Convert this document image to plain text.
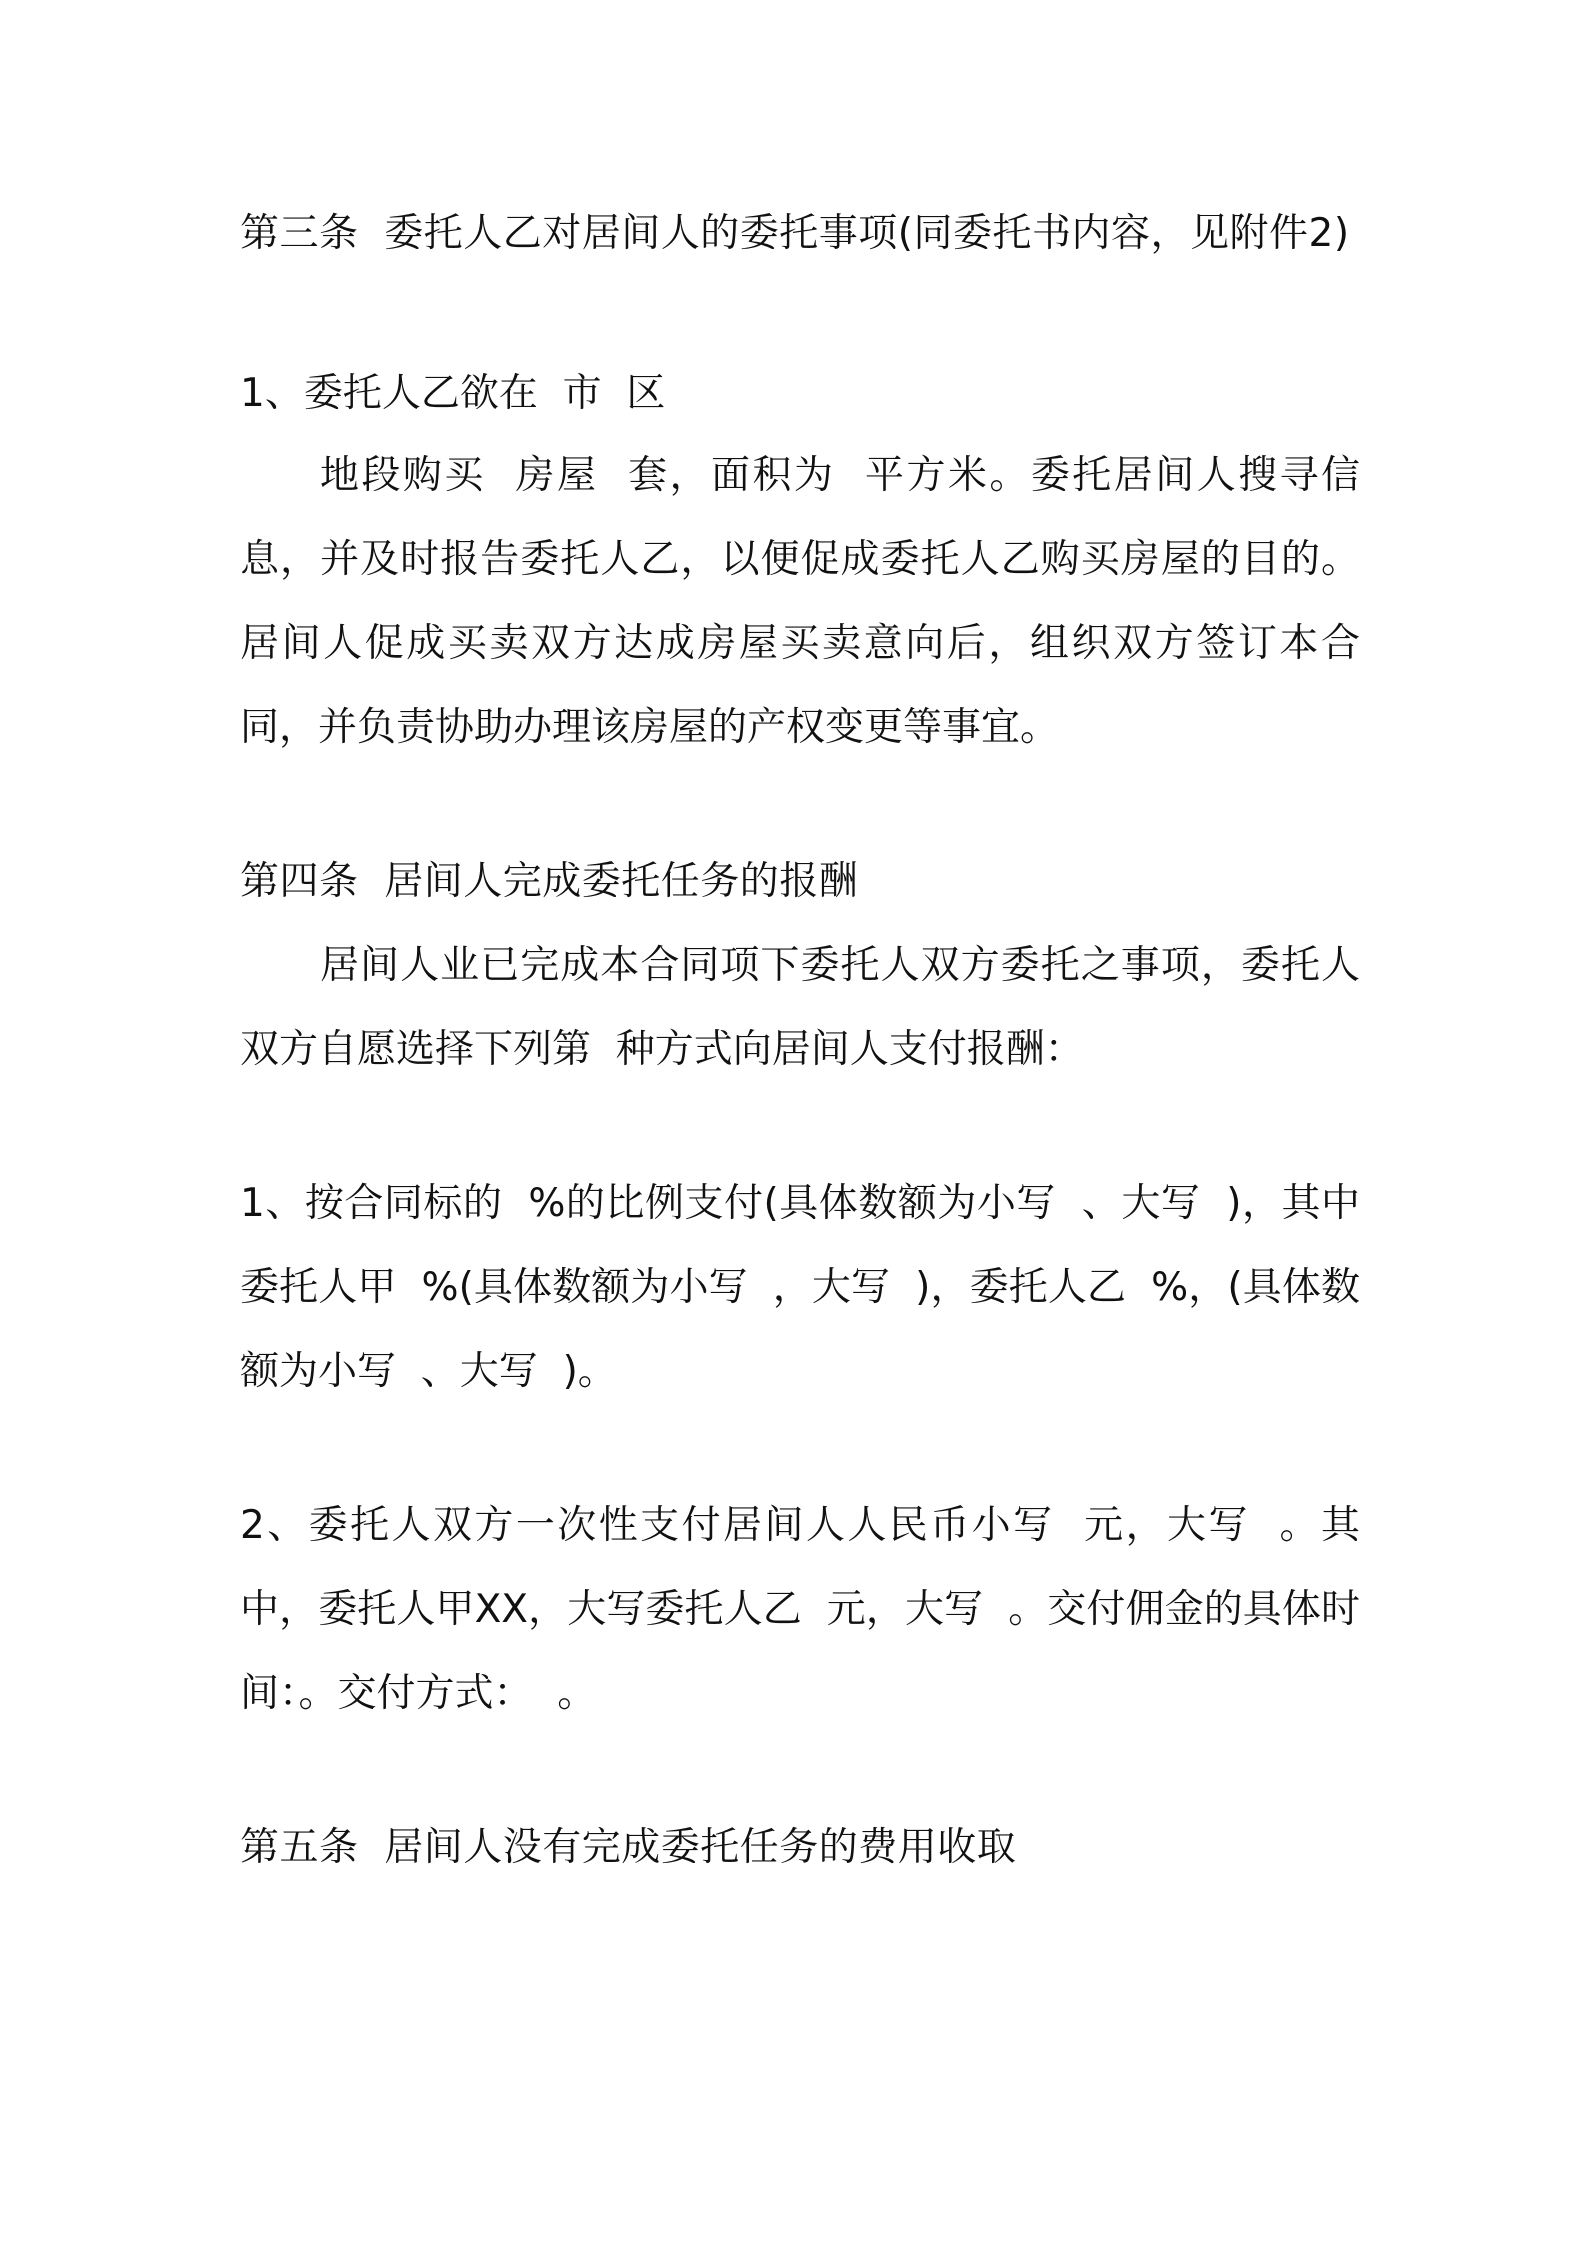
第三条  委托人乙对居间人的委托事项(同委托书内容，见附件2)

1、委托人乙欲在  市  区

地段购买  房屋  套，面积为  平方米。委托居间人搜寻信息，并及时报告委托人乙，以便促成委托人乙购买房屋的目的。居间人促成买卖双方达成房屋买卖意向后，组织双方签订本合同，并负责协助办理该房屋的产权变更等事宜。

第四条  居间人完成委托任务的报酬

居间人业已完成本合同项下委托人双方委托之事项，委托人双方自愿选择下列第  种方式向居间人支付报酬：

1、按合同标的  %的比例支付(具体数额为小写  、大写  )，其中委托人甲  %(具体数额为小写  ，大写  )，委托人乙  %，(具体数额为小写  、大写  )。

2、委托人双方一次性支付居间人人民币小写  元，大写  。其中，委托人甲XX，大写委托人乙  元，大写  。交付佣金的具体时间：。交付方式：  。

第五条  居间人没有完成委托任务的费用收取
